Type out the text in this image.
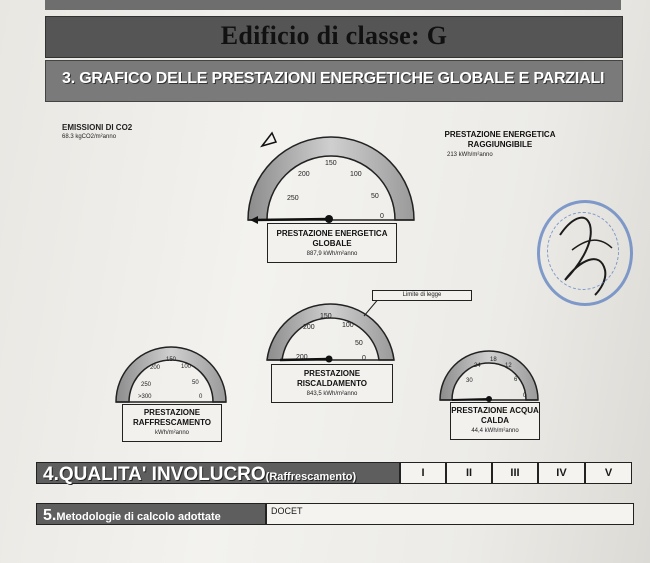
Edificio di classe: G
3. GRAFICO DELLE PRESTAZIONI ENERGETICHE GLOBALE E PARZIALI
EMISSIONI DI CO2
68.3 kgCO2/m²anno	PRESTAZIONE ENERGETICA RAGGIUNGIBILE
213 kWh/m²anno
250
200
150
100
50
0
PRESTAZIONE ENERGETICA GLOBALE
887,9 kWh/m²anno
Limite di legge
200
150
100
50
0
200
PRESTAZIONE RISCALDAMENTO
843,5 kWh/m²anno
250
200
150
100
50
>300	0
PRESTAZIONE RAFFRESCAMENTO
kWh/m²anno
30
24
18
12
6
0
PRESTAZIONE ACQUA CALDA
44,4 kWh/m²anno
4.QUALITA' INVOLUCRO(Raffrescamento)	I	II	III	IV	V
5.Metodologie di calcolo adottate	DOCET
